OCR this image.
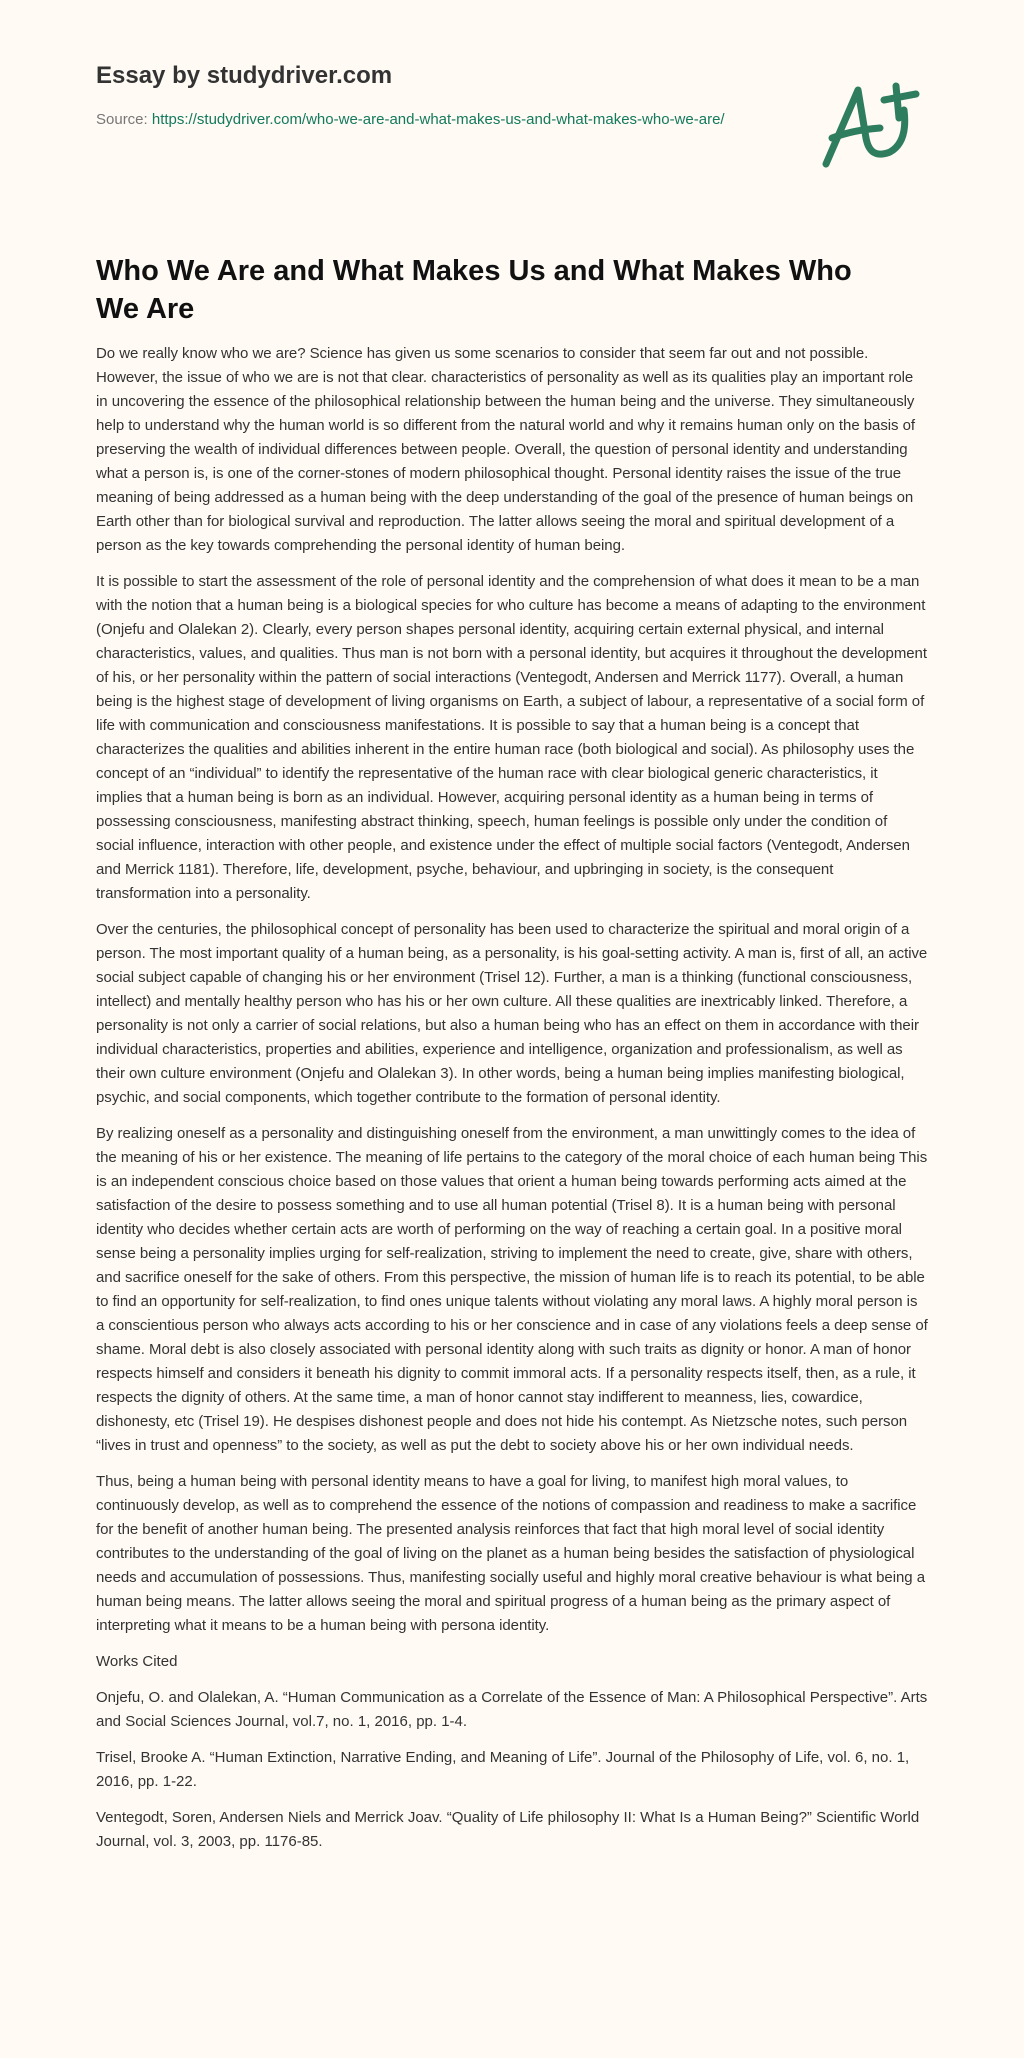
Essay by studydriver.com
Source: https://studydriver.com/who-we-are-and-what-makes-us-and-what-makes-who-we-are/
Who We Are and What Makes Us and What Makes Who We Are

Do we really know who we are? Science has given us some scenarios to consider that seem far out and not possible. However, the issue of who we are is not that clear. characteristics of personality as well as its qualities play an important role in uncovering the essence of the philosophical relationship between the human being and the universe. They simultaneously help to understand why the human world is so different from the natural world and why it remains human only on the basis of preserving the wealth of individual differences between people. Overall, the question of personal identity and understanding what a person is, is one of the corner-stones of modern philosophical thought. Personal identity raises the issue of the true meaning of being addressed as a human being with the deep understanding of the goal of the presence of human beings on Earth other than for biological survival and reproduction. The latter allows seeing the moral and spiritual development of a person as the key towards comprehending the personal identity of human being.

It is possible to start the assessment of the role of personal identity and the comprehension of what does it mean to be a man with the notion that a human being is a biological species for who culture has become a means of adapting to the environment (Onjefu and Olalekan 2). Clearly, every person shapes personal identity, acquiring certain external physical, and internal characteristics, values, and qualities. Thus man is not born with a personal identity, but acquires it throughout the development of his, or her personality within the pattern of social interactions (Ventegodt, Andersen and Merrick 1177). Overall, a human being is the highest stage of development of living organisms on Earth, a subject of labour, a representative of a social form of life with communication and consciousness manifestations. It is possible to say that a human being is a concept that characterizes the qualities and abilities inherent in the entire human race (both biological and social). As philosophy uses the concept of an “individual” to identify the representative of the human race with clear biological generic characteristics, it implies that a human being is born as an individual. However, acquiring personal identity as a human being in terms of possessing consciousness, manifesting abstract thinking, speech, human feelings is possible only under the condition of social influence, interaction with other people, and existence under the effect of multiple social factors (Ventegodt, Andersen and Merrick 1181). Therefore, life, development, psyche, behaviour, and upbringing in society, is the consequent transformation into a personality.

Over the centuries, the philosophical concept of personality has been used to characterize the spiritual and moral origin of a person. The most important quality of a human being, as a personality, is his goal-setting activity. A man is, first of all, an active social subject capable of changing his or her environment (Trisel 12). Further, a man is a thinking (functional consciousness, intellect) and mentally healthy person who has his or her own culture. All these qualities are inextricably linked. Therefore, a personality is not only a carrier of social relations, but also a human being who has an effect on them in accordance with their individual characteristics, properties and abilities, experience and intelligence, organization and professionalism, as well as their own culture environment (Onjefu and Olalekan 3). In other words, being a human being implies manifesting biological, psychic, and social components, which together contribute to the formation of personal identity.

By realizing oneself as a personality and distinguishing oneself from the environment, a man unwittingly comes to the idea of the meaning of his or her existence. The meaning of life pertains to the category of the moral choice of each human being This is an independent conscious choice based on those values that orient a human being towards performing acts aimed at the satisfaction of the desire to possess something and to use all human potential (Trisel 8). It is a human being with personal identity who decides whether certain acts are worth of performing on the way of reaching a certain goal. In a positive moral sense being a personality implies urging for self-realization, striving to implement the need to create, give, share with others, and sacrifice oneself for the sake of others. From this perspective, the mission of human life is to reach its potential, to be able to find an opportunity for self-realization, to find ones unique talents without violating any moral laws. A highly moral person is a conscientious person who always acts according to his or her conscience and in case of any violations feels a deep sense of shame. Moral debt is also closely associated with personal identity along with such traits as dignity or honor. A man of honor respects himself and considers it beneath his dignity to commit immoral acts. If a personality respects itself, then, as a rule, it respects the dignity of others. At the same time, a man of honor cannot stay indifferent to meanness, lies, cowardice, dishonesty, etc (Trisel 19). He despises dishonest people and does not hide his contempt. As Nietzsche notes, such person “lives in trust and openness” to the society, as well as put the debt to society above his or her own individual needs.

Thus, being a human being with personal identity means to have a goal for living, to manifest high moral values, to continuously develop, as well as to comprehend the essence of the notions of compassion and readiness to make a sacrifice for the benefit of another human being. The presented analysis reinforces that fact that high moral level of social identity contributes to the understanding of the goal of living on the planet as a human being besides the satisfaction of physiological needs and accumulation of possessions. Thus, manifesting socially useful and highly moral creative behaviour is what being a human being means. The latter allows seeing the moral and spiritual progress of a human being as the primary aspect of interpreting what it means to be a human being with persona identity.

Works Cited
Onjefu, O. and Olalekan, A. “Human Communication as a Correlate of the Essence of Man: A Philosophical Perspective”. Arts and Social Sciences Journal, vol.7, no. 1, 2016, pp. 1-4.
Trisel, Brooke A. “Human Extinction, Narrative Ending, and Meaning of Life”. Journal of the Philosophy of Life, vol. 6, no. 1, 2016, pp. 1-22.
Ventegodt, Soren, Andersen Niels and Merrick Joav. “Quality of Life philosophy II: What Is a Human Being?” Scientific World Journal, vol. 3, 2003, pp. 1176-85.
